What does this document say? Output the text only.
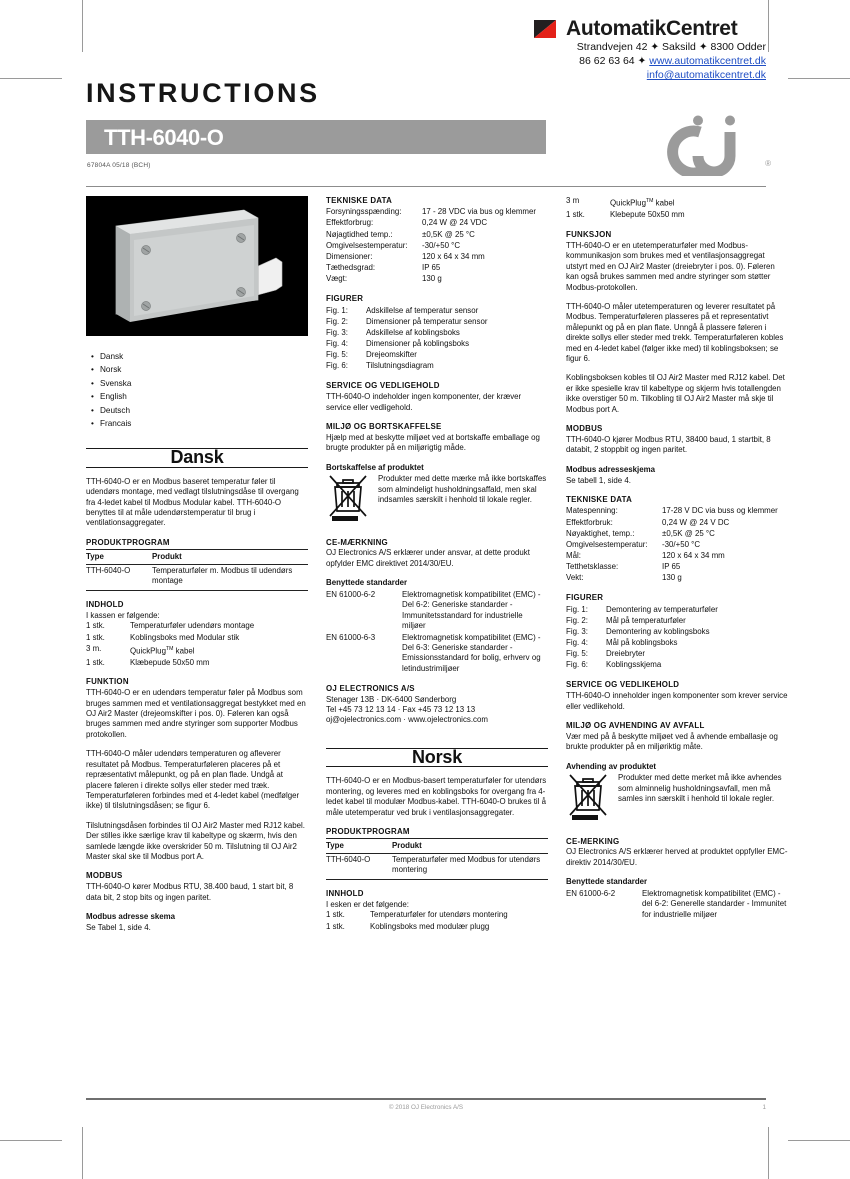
AutomatikCentret
Strandvejen 42 ✦ Saksild ✦ 8300 Odder
86 62 63 64 ✦ www.automatikcentret.dk
info@automatikcentret.dk
INSTRUCTIONS
TTH-6040-O
67804A 05/18 (BCH)	®
• Dansk
• Norsk
• Svenska
• English
• Deutsch
• Francais
Dansk

TTH-6040-O er en Modbus baseret temperatur føler til udendørs montage, med vedlagt tilslutningsdåse til overgang fra 4-ledet kabel til Modbus Modular kabel. TTH-6040-O benyttes til at måle udendørstemperatur til brug i ventilationsaggregater.

PRODUKTPROGRAM
Type	Produkt
TTH-6040-O	Temperaturføler m. Modbus til udendørs montage
INDHOLD
I kassen er følgende:
1 stk.	Temperaturføler udendørs montage
1 stk.	Koblingsboks med Modular stik
3 m.	QuickPlug™ kabel
1 stk.	Klæbepude 50x50 mm
FUNKTION

TTH-6040-O er en udendørs temperatur føler på Modbus som bruges sammen med et ventilationsaggregat bestykket med en OJ Air2 Master (drejeomskifter i pos. 0). Føleren kan også bruges sammen med andre styringer som supporter Modbus protokollen.

TTH-6040-O måler udendørs temperaturen og afleverer resultatet på Modbus. Temperaturføleren placeres på et repræsentativt målepunkt, og på en plan flade. Undgå at placere føleren i direkte sollys eller steder med træk. Temperaturføleren forbindes med et 4-ledet kabel (medfølger ikke) til tilslutningsdåsen; se figur 6.

Tilslutningsdåsen forbindes til OJ Air2 Master med RJ12 kabel. Der stilles ikke særlige krav til kabeltype og skærm, hvis den samlede længde ikke overskrider 50 m. Tilslutning til OJ Air2 Master skal ske til Modbus port A.

MODBUS

TTH-6040-O kører Modbus RTU, 38.400 baud, 1 start bit, 8 data bit, 2 stop bits og ingen paritet.

Modbus adresse skema
Se Tabel 1, side 4.
TEKNISKE DATA
Forsyningsspænding:	17 - 28 VDC via bus og klemmer
Effektforbrug:	0,24 W @ 24 VDC
Nøjagtidhed temp.:	±0,5K @ 25 °C
Omgivelsestemperatur:	-30/+50 °C
Dimensioner:	120 x 64 x 34 mm
Tæthedsgrad:	IP 65
Vægt:	130 g
FIGURER
Fig. 1:	Adskillelse af temperatur sensor
Fig. 2:	Dimensioner på temperatur sensor
Fig. 3:	Adskillelse af koblingsboks
Fig. 4:	Dimensioner på koblingsboks
Fig. 5:	Drejeomskifter
Fig. 6:	Tilslutningsdiagram
SERVICE OG VEDLIGEHOLD

TTH-6040-O indeholder ingen komponenter, der kræver service eller vedligehold.

MILJØ OG BORTSKAFFELSE

Hjælp med at beskytte miljøet ved at bortskaffe emballage og brugte produkter på en miljørigtig måde.

Bortskaffelse af produktet
Produkter med dette mærke må ikke bortskaffes som almindeligt husholdningsaffald, men skal indsamles særskilt i henhold til lokale regler.
CE-MÆRKNING

OJ Electronics A/S erklærer under ansvar, at dette produkt opfylder EMC direktivet 2014/30/EU.

Benyttede standarder
EN 61000-6-2	Elektromagnetisk kompatibilitet (EMC) - Del 6-2: Generiske standarder - Immunitetsstandard for industrielle miljøer
EN 61000-6-3	Elektromagnetisk kompatibilitet (EMC) - Del 6-3: Generiske standarder - Emissionsstandard for bolig, erhverv og letindustrimiljøer
OJ ELECTRONICS A/S
Stenager 13B · DK-6400 Sønderborg
Tel +45 73 12 13 14 · Fax +45 73 12 13 13
oj@ojelectronics.com · www.ojelectronics.com
Norsk

TTH-6040-O er en Modbus-basert temperaturføler for utendørs montering, og leveres med en koblingsboks for overgang fra 4-ledet kabel til modulær Modbus-kabel. TTH-6040-O brukes til å måle utetemperatur ved bruk i ventilasjonsaggregater.

PRODUKTPROGRAM
Type	Produkt
TTH-6040-O	Temperaturføler med Modbus for utendørs montering
INNHOLD
I esken er det følgende:
1 stk.	Temperaturføler for utendørs montering
1 stk.	Koblingsboks med modulær plugg
3 m	QuickPlug™ kabel
1 stk.	Klebepute 50x50 mm
FUNKSJON

TTH-6040-O er en utetemperaturføler med Modbus-kommunikasjon som brukes med et ventilasjonsaggregat utstyrt med en OJ Air2 Master (dreiebryter i pos. 0). Føleren kan også brukes sammen med andre styringer som støtter Modbus-protokollen.

TTH-6040-O måler utetemperaturen og leverer resultatet på Modbus. Temperaturføleren plasseres på et representativt målepunkt og på en plan flate. Unngå å plassere føleren i direkte sollys eller steder med trekk. Temperaturføleren kobles med en 4-ledet kabel (følger ikke med) til koblingsboksen; se figur 6.

Koblingsboksen kobles til OJ Air2 Master med RJ12 kabel. Det er ikke spesielle krav til kabeltype og skjerm hvis totallengden ikke overstiger 50 m. Tilkobling til OJ Air2 Master må skje til Modbus port A.

MODBUS

TTH-6040-O kjører Modbus RTU, 38400 baud, 1 startbit, 8 databit, 2 stoppbit og ingen paritet.

Modbus adresseskjema
Se tabell 1, side 4.
TEKNISKE DATA
Matespenning:	17-28 V DC via buss og klemmer
Effektforbruk:	0,24 W @ 24 V DC
Nøyaktighet, temp.:	±0,5K @ 25 °C
Omgivelsestemperatur:	-30/+50 °C
Mål:	120 x 64 x 34 mm
Tetthetsklasse:	IP 65
Vekt:	130 g
FIGURER
Fig. 1:	Demontering av temperaturføler
Fig. 2:	Mål på temperaturføler
Fig. 3:	Demontering av koblingsboks
Fig. 4:	Mål på koblingsboks
Fig. 5:	Dreiebryter
Fig. 6:	Koblingsskjema
SERVICE OG VEDLIKEHOLD

TTH-6040-O inneholder ingen komponenter som krever service eller vedlikehold.

MILJØ OG AVHENDING AV AVFALL

Vær med på å beskytte miljøet ved å avhende emballasje og brukte produkter på en miljøriktig måte.

Avhending av produktet
Produkter med dette merket må ikke avhendes som alminnelig husholdningsavfall, men må samles inn særskilt i henhold til lokale regler.
CE-MERKING

OJ Electronics A/S erklærer herved at produktet oppfyller EMC-direktiv 2014/30/EU.

Benyttede standarder
EN 61000-6-2	Elektromagnetisk kompatibilitet (EMC) - del 6-2: Generelle standarder - Immunitet for industrielle miljøer
© 2018 OJ Electronics A/S	1
